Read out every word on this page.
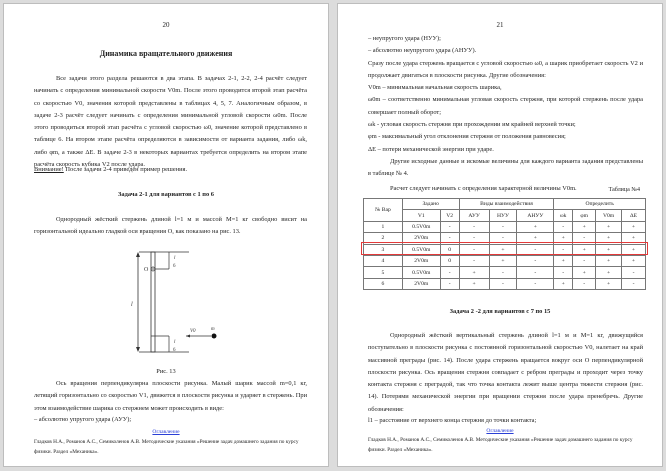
20
Динамика вращательного движения
Все задачи этого раздела решаются в два этапа. В задачах 2-1, 2-2, 2-4 расчёт следует начинать с определения минимальной скорости V0m. После этого проводится второй этап расчёта со скоростью V0, значения которой представлены в таблицах 4, 5, 7. Аналогичным образом, в задаче 2-3 расчёт следует начинать с определения минимальной угловой скорости ω0m. После этого проводиться второй этап расчёта с угловой скоростью ω0, значение которой представлено в таблице 6. На втором этапе расчёта определяются в зависимости от варианта задания, либо ωk, либо φm, а также ΔE. В задаче 2-3 в некоторых вариантах требуется определить на втором этапе расчёта скорость кубика V2 после удара.
Внимание! После задачи 2-4 приведён пример решения.
Задача 2-1 для вариантов с 1 по 6
Однородный жёсткий стержень длиной l=1 м и массой M=1 кг свободно висит на горизонтальной идеально гладкой оси вращения O, как показано на рис. 13.
O
l
l
6
l
6
V0	m
Рис. 13
Ось вращения перпендикулярна плоскости рисунка. Малый шарик массой m=0,1 кг, летящий горизонтально со скоростью V1, движется в плоскости рисунка и ударяет в стержень. При этом взаимодействие шарика со стержнем может происходить в виде:
– абсолютно упругого удара (АУУ);
Оглавление
Гладков Н.А., Романов А.С., Семиколенов А.В. Методические указания «Решение задач домашнего задания по курсу физики. Раздел «Механика».
21
– неупругого удара (НУУ);
– абсолютно неупругого удара (АНУУ).
Сразу после удара стержень вращается с угловой скоростью ω0, а шарик приобретает скорость V2 и продолжает двигаться в плоскости рисунка. Другие обозначения:
V0m – минимальная начальная скорость шарика,
ω0m – соответственно минимальная угловая скорость стержня, при которой стержень после удара совершает полный оборот;
ωk - угловая скорость стержня при прохождении им крайней верхней точки;
φm - максимальный угол отклонения стержня от положения равновесия;
ΔE – потери механической энергии при ударе.
Другие исходные данные и искомые величины для каждого варианта задания представлены в таблице № 4.
Расчет следует начинать с определения характерной величины V0m.	Таблица №4
№ Вар	Задано		Виды взаимодействия			Определить			
	V1	V2	АУУ	НУУ	АНУУ	ωk	φm	V0m	ΔE
1	0.5V0m	-	-	-	+	-	+	+	+
2	2V0m	-	-	-	+	+	-	+	+
3	0.5V0m	0	-	+	-	-	+	+	+
4	2V0m	0	-	+	-	+	-	+	+
5	0.5V0m	-	+	-	-	-	+	+	-
6	2V0m	-	+	-	-	+	-	+	-
Задача 2 -2 для вариантов с 7 по 15
Однородный жёсткий вертикальный стержень длиной l=1 м и M=1 кг, движущийся поступательно в плоскости рисунка с постоянной горизонтальной скоростью V0, налетает на край массивной преграды (рис. 14). После удара стержень вращается вокруг оси О перпендикулярной плоскости рисунка. Ось вращения стержня совпадает с ребром преграды и проходит через точку контакта стержня с преградой, так что точка контакта лежит выше центра тяжести стержня (рис. 14). Потерями механической энергии при вращении стержня после удара пренебречь. Другие обозначения:
l1 – расстояние от верхнего конца стержня до точки контакта;
Оглавление
Гладков Н.А., Романов А.С., Семиколенов А.В. Методические указания «Решение задач домашнего задания по курсу физики. Раздел «Механика».
